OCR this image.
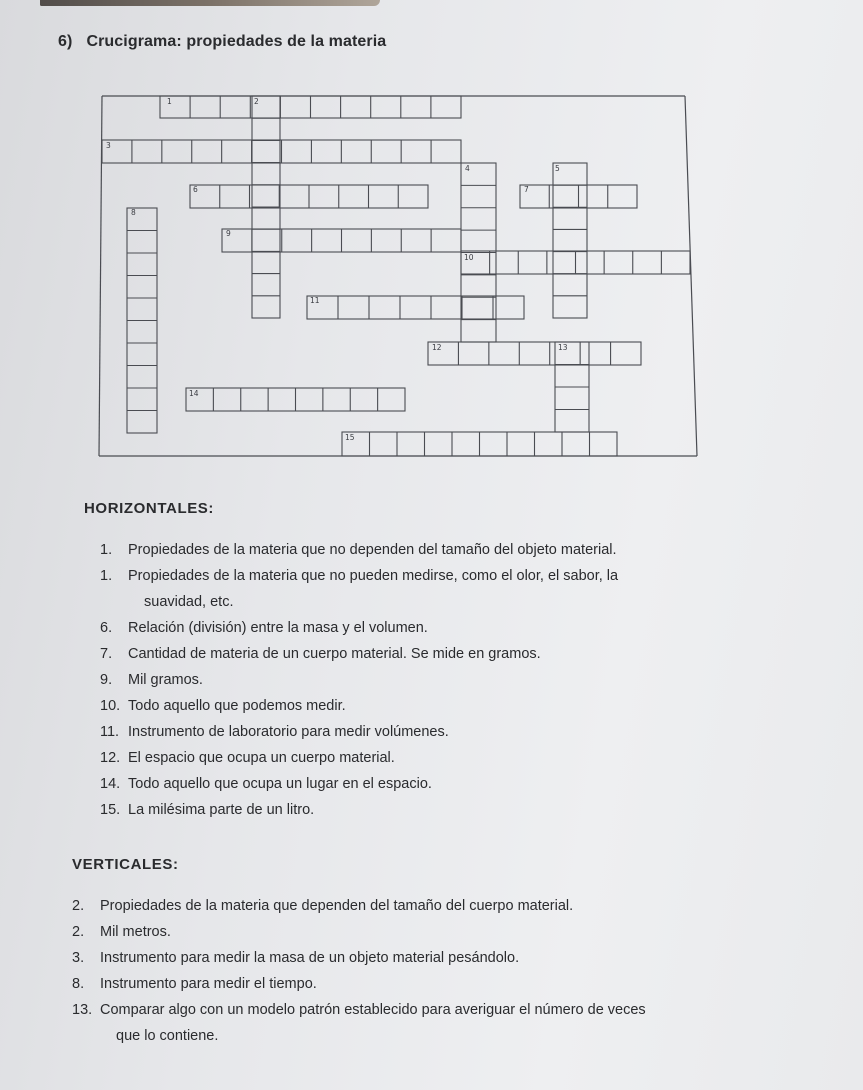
6) Crucigrama: propiedades de la materia
1	2
3
4	5
6	7
8
9
10
11
12	13
14
15
HORIZONTALES:
1. Propiedades de la materia que no dependen del tamaño del objeto material.
1. Propiedades de la materia que no pueden medirse, como el olor, el sabor, la
suavidad, etc.
6. Relación (división) entre la masa y el volumen.
7. Cantidad de materia de un cuerpo material. Se mide en gramos.
9. Mil gramos.
10. Todo aquello que podemos medir.
11. Instrumento de laboratorio para medir volúmenes.
12. El espacio que ocupa un cuerpo material.
14. Todo aquello que ocupa un lugar en el espacio.
15. La milésima parte de un litro.
VERTICALES:
2. Propiedades de la materia que dependen del tamaño del cuerpo material.
2. Mil metros.
3. Instrumento para medir la masa de un objeto material pesándolo.
8. Instrumento para medir el tiempo.
13. Comparar algo con un modelo patrón establecido para averiguar el número de veces
que lo contiene.
